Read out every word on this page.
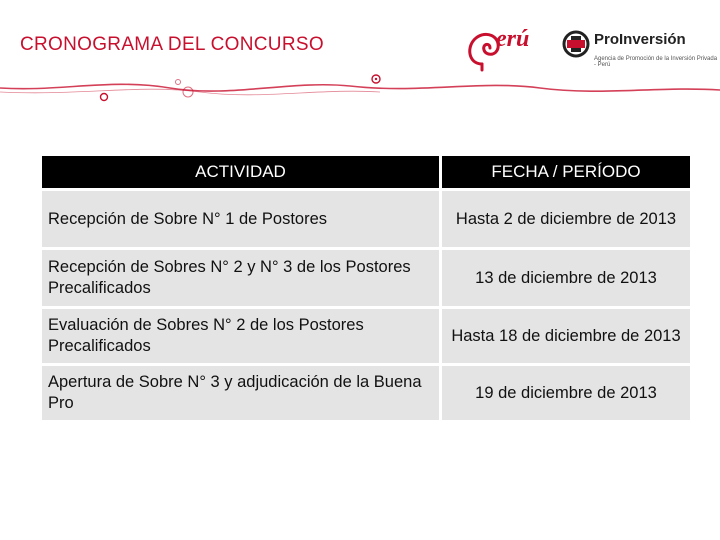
CRONOGRAMA DEL CONCURSO	erú	ProInversión
Agencia de Promoción de la Inversión Privada - Perú
ACTIVIDAD	FECHA / PERÍODO
Recepción de Sobre N° 1 de Postores	Hasta 2 de diciembre de 2013
Recepción de Sobres N° 2 y N° 3 de los Postores Precalificados	13 de diciembre de 2013
Evaluación de Sobres N° 2 de los Postores Precalificados	Hasta 18 de diciembre de 2013
Apertura de Sobre N° 3 y adjudicación de la Buena Pro	19 de diciembre de 2013
